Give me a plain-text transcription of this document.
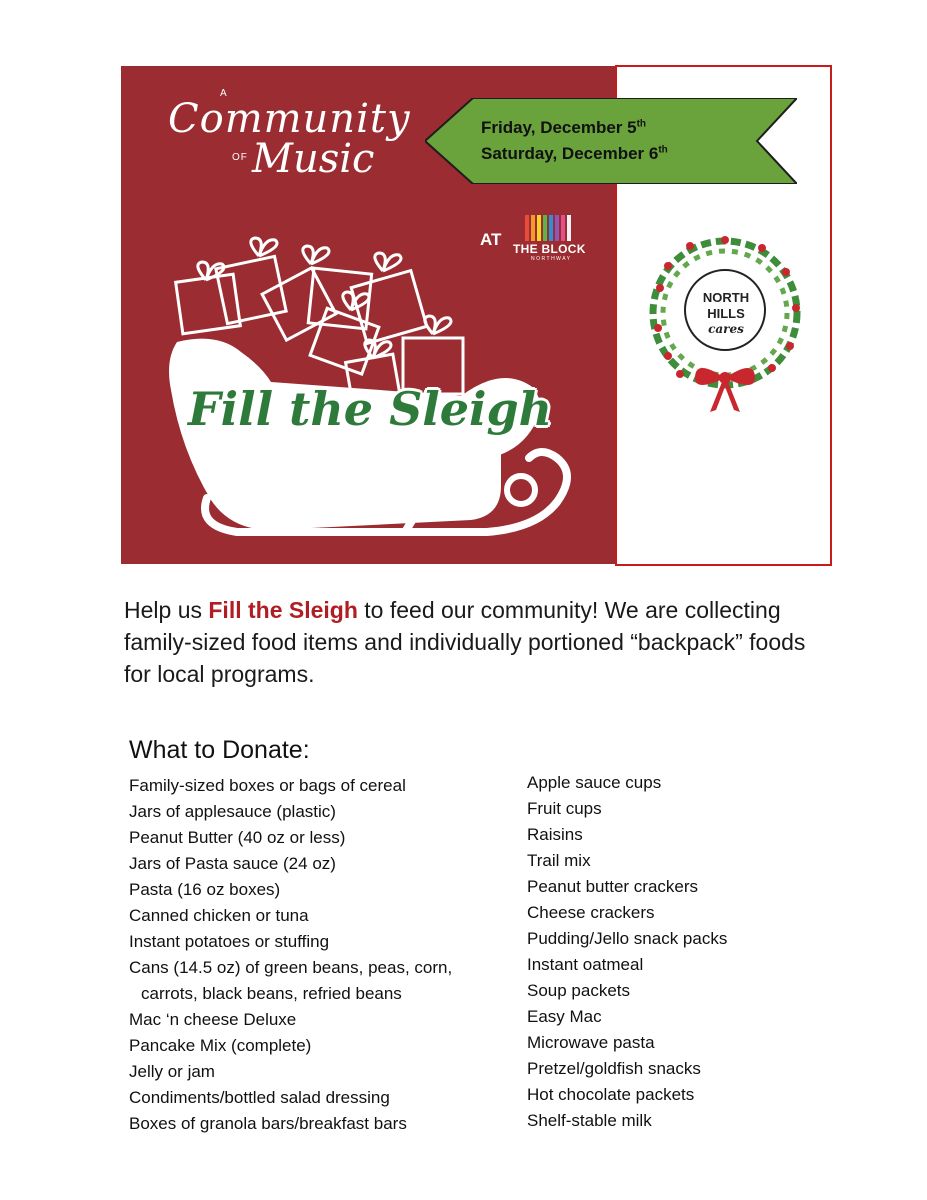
Friday, December 5th
Saturday, December 6th
A
Community
OF Music
AT THE BLOCK
NORTHWAY
Fill the Sleigh
NORTH
HILLS
cares
Help us Fill the Sleigh to feed our community! We are collecting family-sized food items and individually portioned “backpack” foods for local programs.
What to Donate:
Family-sized boxes or bags of cereal
Jars of applesauce (plastic)
Peanut Butter (40 oz or less)
Jars of Pasta sauce (24 oz)
Pasta (16 oz boxes)
Canned chicken or tuna
Instant potatoes or stuffing
Cans (14.5 oz) of green beans, peas, corn,
carrots, black beans, refried beans
Mac ‘n cheese Deluxe
Pancake Mix (complete)
Jelly or jam
Condiments/bottled salad dressing
Boxes of granola bars/breakfast bars
Apple sauce cups
Fruit cups
Raisins
Trail mix
Peanut butter crackers
Cheese crackers
Pudding/Jello snack packs
Instant oatmeal
Soup packets
Easy Mac
Microwave pasta
Pretzel/goldfish snacks
Hot chocolate packets
Shelf-stable milk
